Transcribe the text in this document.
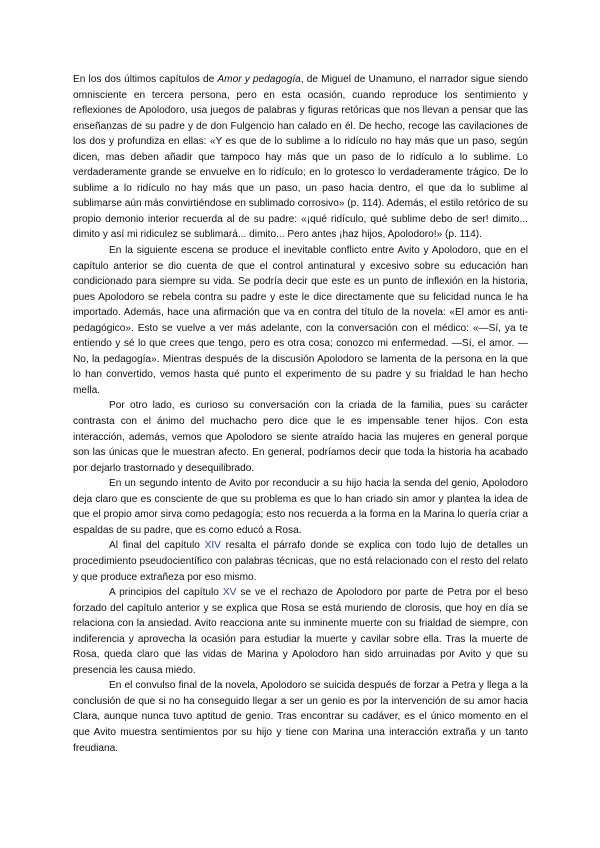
En los dos últimos capítulos de Amor y pedagogía, de Miguel de Unamuno, el narrador sigue siendo omnisciente en tercera persona, pero en esta ocasión, cuando reproduce los sentimiento y reflexiones de Apolodoro, usa juegos de palabras y figuras retóricas que nos llevan a pensar que las enseñanzas de su padre y de don Fulgencio han calado en él. De hecho, recoge las cavilaciones de los dos y profundiza en ellas: «Y es que de lo sublime a lo ridículo no hay más que un paso, según dicen, mas deben añadir que tampoco hay más que un paso de lo ridículo a lo sublime. Lo verdaderamente grande se envuelve en lo ridículo; en lo grotesco lo verdaderamente trágico. De lo sublime a lo ridículo no hay más que un paso, un paso hacia dentro, el que da lo sublime al sublimarse aún más convirtiéndose en sublimado corrosivo» (p. 114). Además, el estilo retórico de su propio demonio interior recuerda al de su padre: «¡qué ridículo, qué sublime debo de ser! dimito... dimito y así mi ridiculez se sublimará... dimito... Pero antes ¡haz hijos, Apolodoro!» (p. 114).

En la siguiente escena se produce el inevitable conflicto entre Avito y Apolodoro, que en el capítulo anterior se dio cuenta de que el control antinatural y excesivo sobre su educación han condicionado para siempre su vida. Se podría decir que este es un punto de inflexión en la historia, pues Apolodoro se rebela contra su padre y este le dice directamente que su felicidad nunca le ha importado. Además, hace una afirmación que va en contra del título de la novela: «El amor es anti-pedagógico». Esto se vuelve a ver más adelante, con la conversación con el médico: «—Sí, ya te entiendo y sé lo que crees que tengo, pero es otra cosa; conozco mi enfermedad. —Sí, el amor. —No, la pedagogía». Mientras después de la discusión Apolodoro se lamenta de la persona en la que lo han convertido, vemos hasta qué punto el experimento de su padre y su frialdad le han hecho mella.

Por otro lado, es curioso su conversación con la criada de la familia, pues su carácter contrasta con el ánimo del muchacho pero dice que le es impensable tener hijos. Con esta interacción, además, vemos que Apolodoro se siente atraído hacia las mujeres en general porque son las únicas que le muestran afecto. En general, podríamos decir que toda la historia ha acabado por dejarlo trastornado y desequilibrado.

En un segundo intento de Avito por reconducir a su hijo hacia la senda del genio, Apolodoro deja claro que es consciente de que su problema es que lo han criado sin amor y plantea la idea de que el propio amor sirva como pedagogía; esto nos recuerda a la forma en la Marina lo quería criar a espaldas de su padre, que es como educó a Rosa.

Al final del capítulo XIV resalta el párrafo donde se explica con todo lujo de detalles un procedimiento pseudocientífico con palabras técnicas, que no está relacionado con el resto del relato y que produce extrañeza por eso mismo.

A principios del capítulo XV se ve el rechazo de Apolodoro por parte de Petra por el beso forzado del capítulo anterior y se explica que Rosa se está muriendo de clorosis, que hoy en día se relaciona con la ansiedad. Avito reacciona ante su inminente muerte con su frialdad de siempre, con indiferencia y aprovecha la ocasión para estudiar la muerte y cavilar sobre ella. Tras la muerte de Rosa, queda claro que las vidas de Marina y Apolodoro han sido arruinadas por Avito y que su presencia les causa miedo.

En el convulso final de la novela, Apolodoro se suicida después de forzar a Petra y llega a la conclusión de que si no ha conseguido llegar a ser un genio es por la intervención de su amor hacia Clara, aunque nunca tuvo aptitud de genio. Tras encontrar su cadáver, es el único momento en el que Avito muestra sentimientos por su hijo y tiene con Marina una interacción extraña y un tanto freudiana.
